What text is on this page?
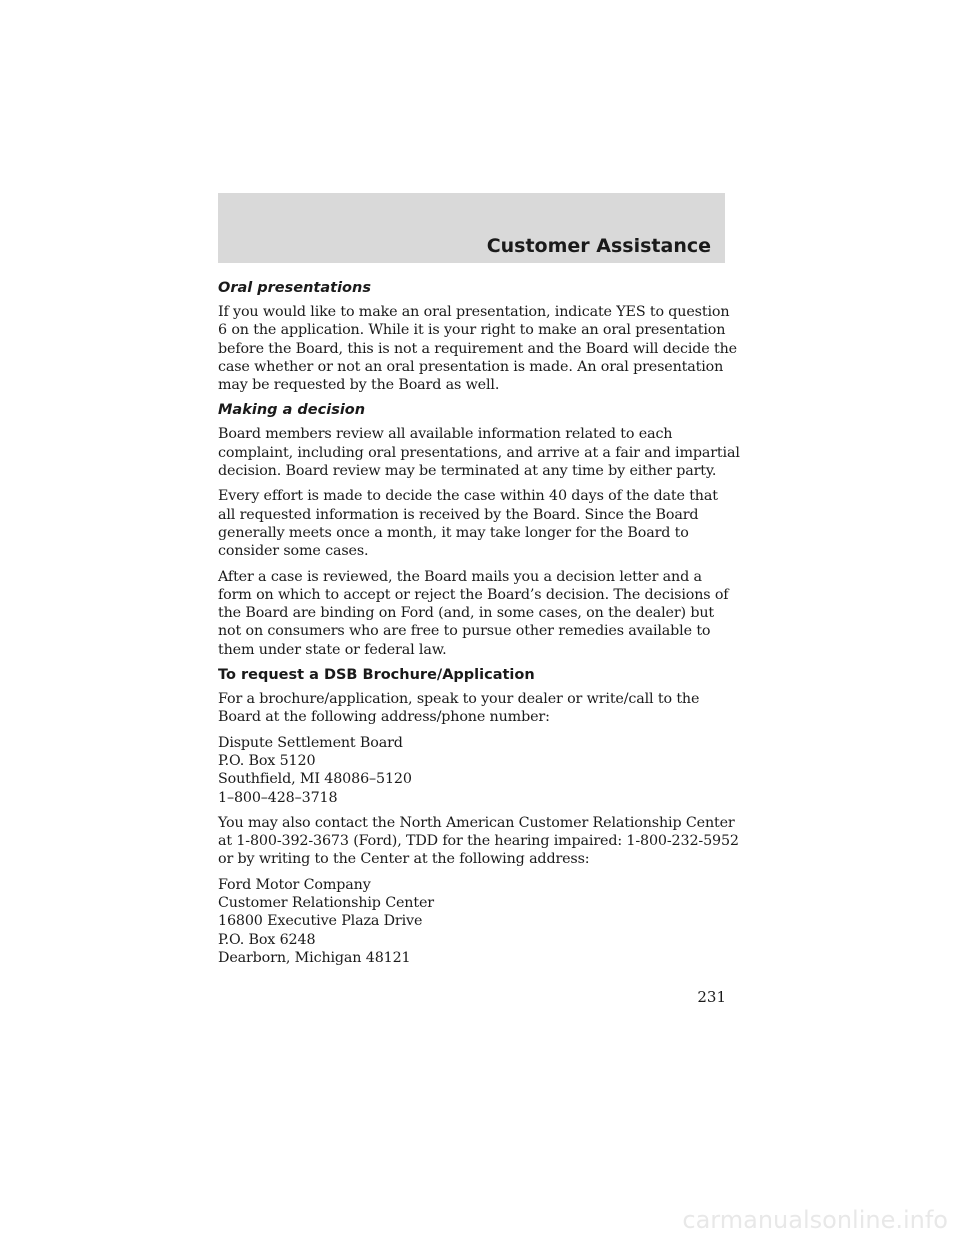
Customer Assistance
Oral presentations

If you would like to make an oral presentation, indicate YES to question
6 on the application. While it is your right to make an oral presentation
before the Board, this is not a requirement and the Board will decide the
case whether or not an oral presentation is made. An oral presentation
may be requested by the Board as well.

Making a decision

Board members review all available information related to each
complaint, including oral presentations, and arrive at a fair and impartial
decision. Board review may be terminated at any time by either party.

Every effort is made to decide the case within 40 days of the date that
all requested information is received by the Board. Since the Board
generally meets once a month, it may take longer for the Board to
consider some cases.

After a case is reviewed, the Board mails you a decision letter and a
form on which to accept or reject the Board’s decision. The decisions of
the Board are binding on Ford (and, in some cases, on the dealer) but
not on consumers who are free to pursue other remedies available to
them under state or federal law.

To request a DSB Brochure/Application

For a brochure/application, speak to your dealer or write/call to the
Board at the following address/phone number:

Dispute Settlement Board
P.O. Box 5120
Southfield, MI 48086–5120
1–800–428–3718

You may also contact the North American Customer Relationship Center
at 1-800-392-3673 (Ford), TDD for the hearing impaired: 1-800-232-5952
or by writing to the Center at the following address:

Ford Motor Company
Customer Relationship Center
16800 Executive Plaza Drive
P.O. Box 6248
Dearborn, Michigan 48121

231
carmanualsonline.info
